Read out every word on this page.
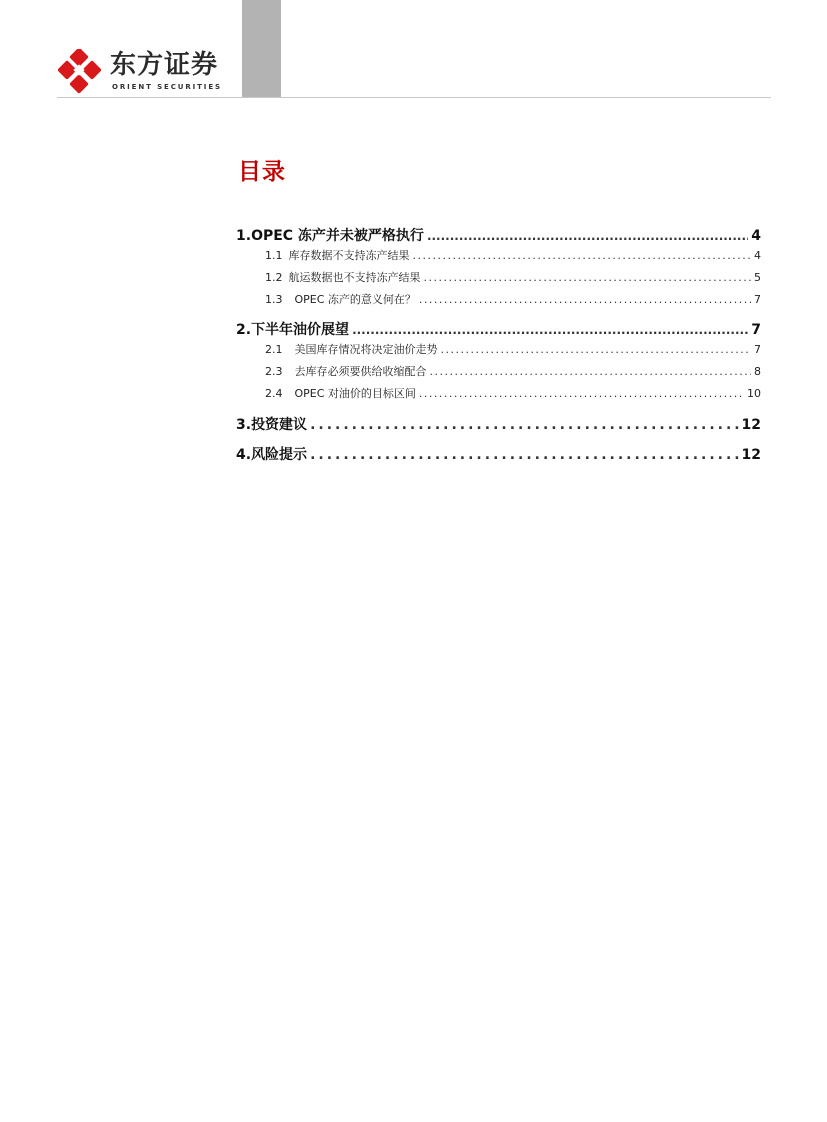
东方证券
ORIENT SECURITIES
目录
1. OPEC 冻产并未被严格执行 .....	4
1.1 库存数据不支持冻产结果 .....	4
1.2 航运数据也不支持冻产结果 .....	5
1.3	OPEC 冻产的意义何在？ .....	7
2. 下半年油价展望 .....	7
2.1	美国库存情况将决定油价走势 .....	7
2.3	去库存必须要供给收缩配合 .....	8
2.4	OPEC 对油价的目标区间 .....	10
3. 投资建议 .....	12
4. 风险提示 .....	12
